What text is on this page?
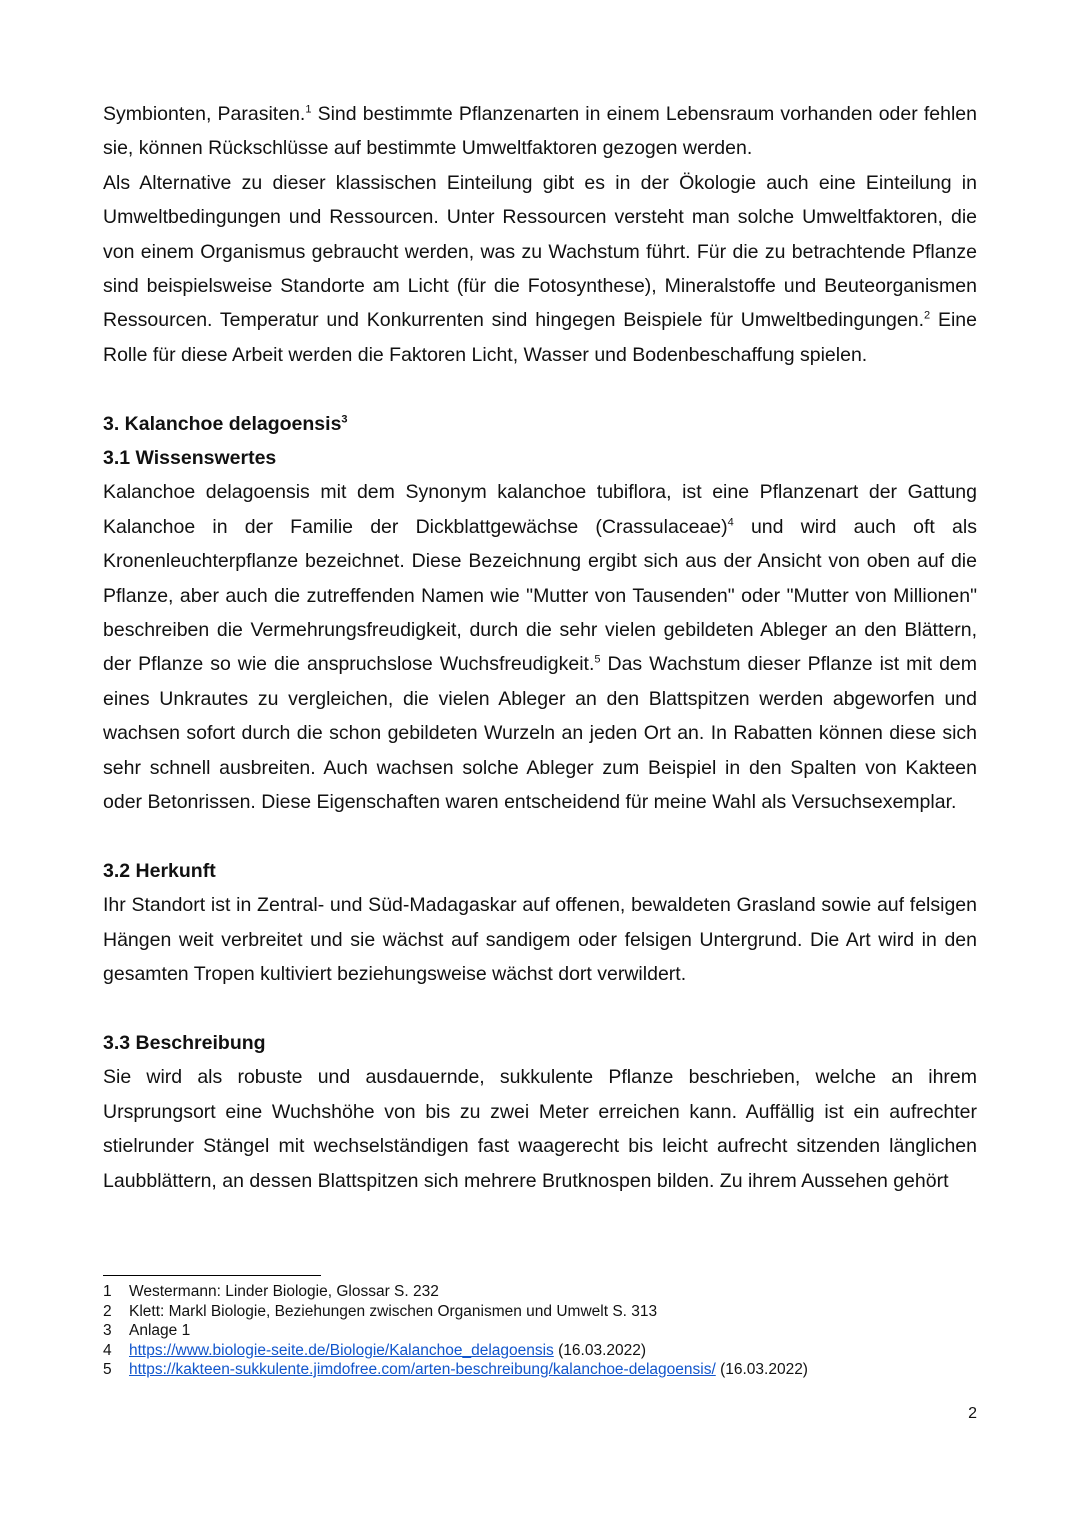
Symbionten, Parasiten.$^1$ Sind bestimmte Pflanzenarten in einem Lebensraum vorhanden oder fehlen sie, können Rückschlüsse auf bestimmte Umweltfaktoren gezogen werden.

Als Alternative zu dieser klassischen Einteilung gibt es in der Ökologie auch eine Einteilung in Umweltbedingungen und Ressourcen. Unter Ressourcen versteht man solche Umweltfaktoren, die von einem Organismus gebraucht werden, was zu Wachstum führt. Für die zu betrachtende Pflanze sind beispielsweise Standorte am Licht (für die Fotosynthese), Mineralstoffe und Beuteorganismen Ressourcen. Temperatur und Konkurrenten sind hingegen Beispiele für Umweltbedingungen.$^2$ Eine Rolle für diese Arbeit werden die Faktoren Licht, Wasser und Bodenbeschaffung spielen.

3. Kalanchoe delagoensis$^3$
3.1 Wissenswertes

Kalanchoe delagoensis mit dem Synonym kalanchoe tubiflora, ist eine Pflanzenart der Gattung Kalanchoe in der Familie der Dickblattgewächse (Crassulaceae)$^4$ und wird auch oft als Kronenleuchterpflanze bezeichnet. Diese Bezeichnung ergibt sich aus der Ansicht von oben auf die Pflanze, aber auch die zutreffenden Namen wie "Mutter von Tausenden" oder "Mutter von Millionen" beschreiben die Vermehrungsfreudigkeit, durch die sehr vielen gebildeten Ableger an den Blättern, der Pflanze so wie die anspruchslose Wuchsfreudigkeit.$^5$ Das Wachstum dieser Pflanze ist mit dem eines Unkrautes zu vergleichen, die vielen Ableger an den Blattspitzen werden abgeworfen und wachsen sofort durch die schon gebildeten Wurzeln an jeden Ort an. In Rabatten können diese sich sehr schnell ausbreiten. Auch wachsen solche Ableger zum Beispiel in den Spalten von Kakteen oder Betonrissen. Diese Eigenschaften waren entscheidend für meine Wahl als Versuchsexemplar.

3.2 Herkunft

Ihr Standort ist in Zentral- und Süd-Madagaskar auf offenen, bewaldeten Grasland sowie auf felsigen Hängen weit verbreitet und sie wächst auf sandigem oder felsigen Untergrund. Die Art wird in den gesamten Tropen kultiviert beziehungsweise wächst dort verwildert.

3.3 Beschreibung

Sie wird als robuste und ausdauernde, sukkulente Pflanze beschrieben, welche an ihrem Ursprungsort eine Wuchshöhe von bis zu zwei Meter erreichen kann. Auffällig ist ein aufrechter stielrunder Stängel mit wechselständigen fast waagerecht bis leicht aufrecht sitzenden länglichen Laubblättern, an dessen Blattspitzen sich mehrere Brutknospen bilden. Zu ihrem Aussehen gehört

1 Westermann: Linder Biologie, Glossar S. 232
2 Klett: Markl Biologie, Beziehungen zwischen Organismen und Umwelt S. 313
3 Anlage 1
4 https://www.biologie-seite.de/Biologie/Kalanchoe_delagoensis (16.03.2022)
5 https://kakteen-sukkulente.jimdofree.com/arten-beschreibung/kalanchoe-delagoensis/ (16.03.2022)
2
